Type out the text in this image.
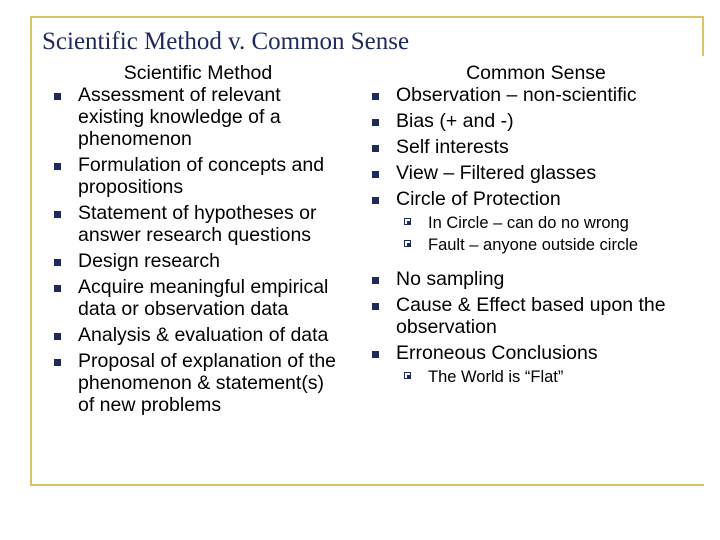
Scientific Method v. Common Sense
Scientific Method
Assessment of relevant existing knowledge of a phenomenon
Formulation of concepts and propositions
Statement of hypotheses or answer research questions
Design research
Acquire meaningful empirical data or observation data
Analysis & evaluation of data
Proposal of explanation of the phenomenon & statement(s) of new problems
Common Sense
Observation – non-scientific
Bias (+ and -)
Self interests
View – Filtered glasses
Circle of Protection
In Circle – can do no wrong
Fault – anyone outside circle
No sampling
Cause & Effect based upon the observation
Erroneous Conclusions
The World is “Flat”
